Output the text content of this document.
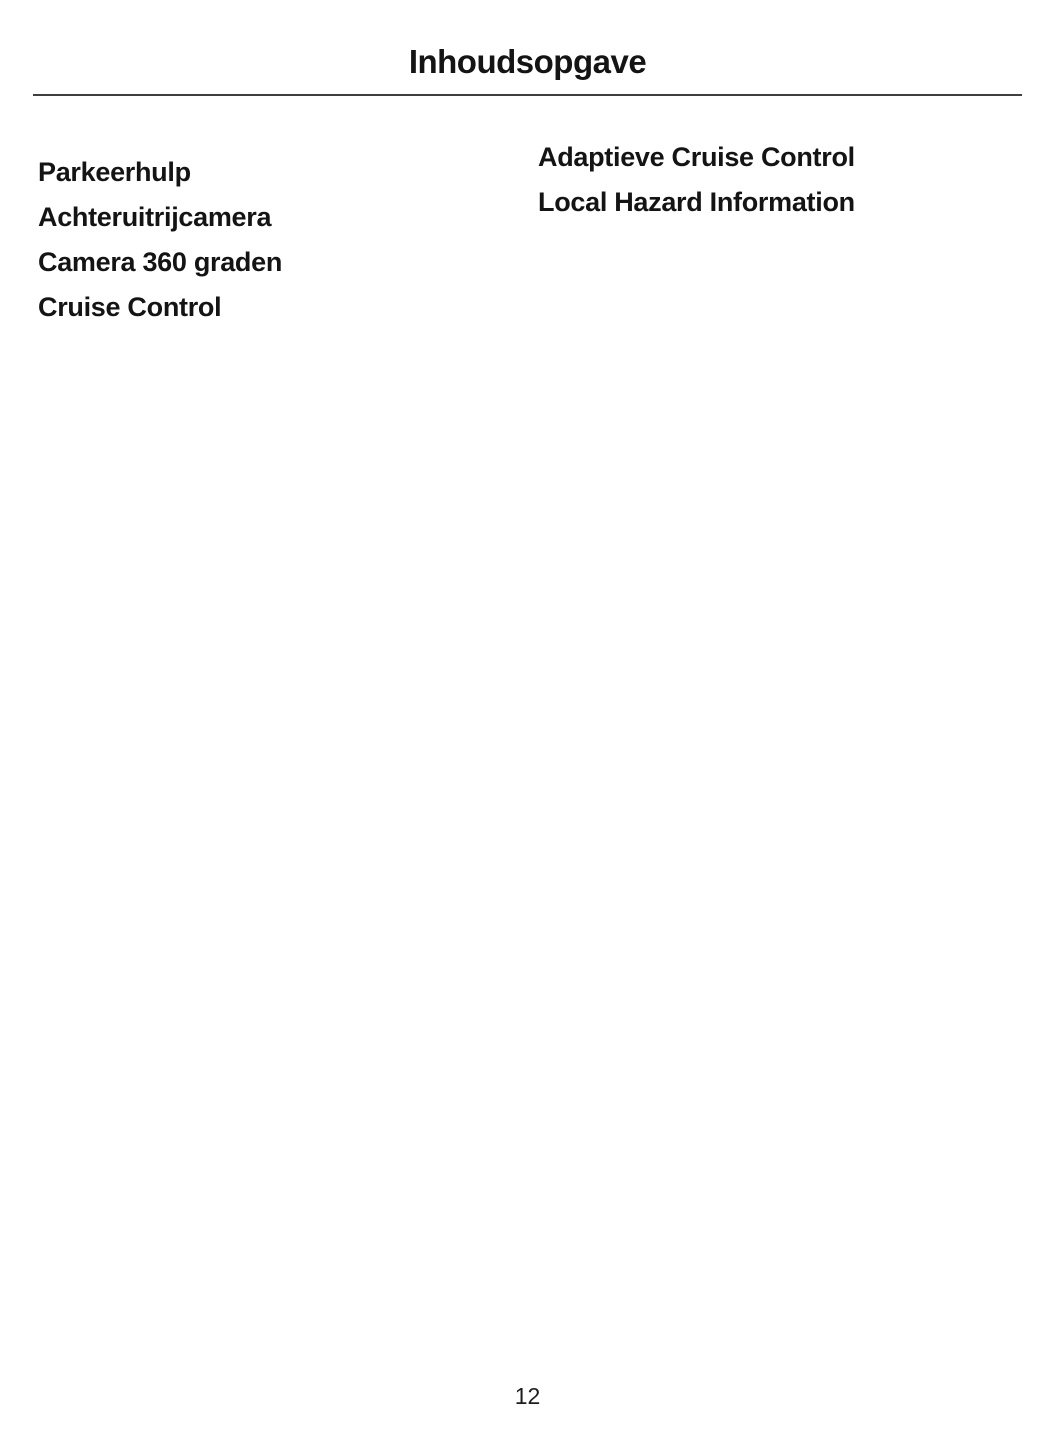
Inhoudsopgave
Parkeerhulp
Achteruitrijcamera
Camera 360 graden
Cruise Control
Adaptieve Cruise Control
Local Hazard Information
12
